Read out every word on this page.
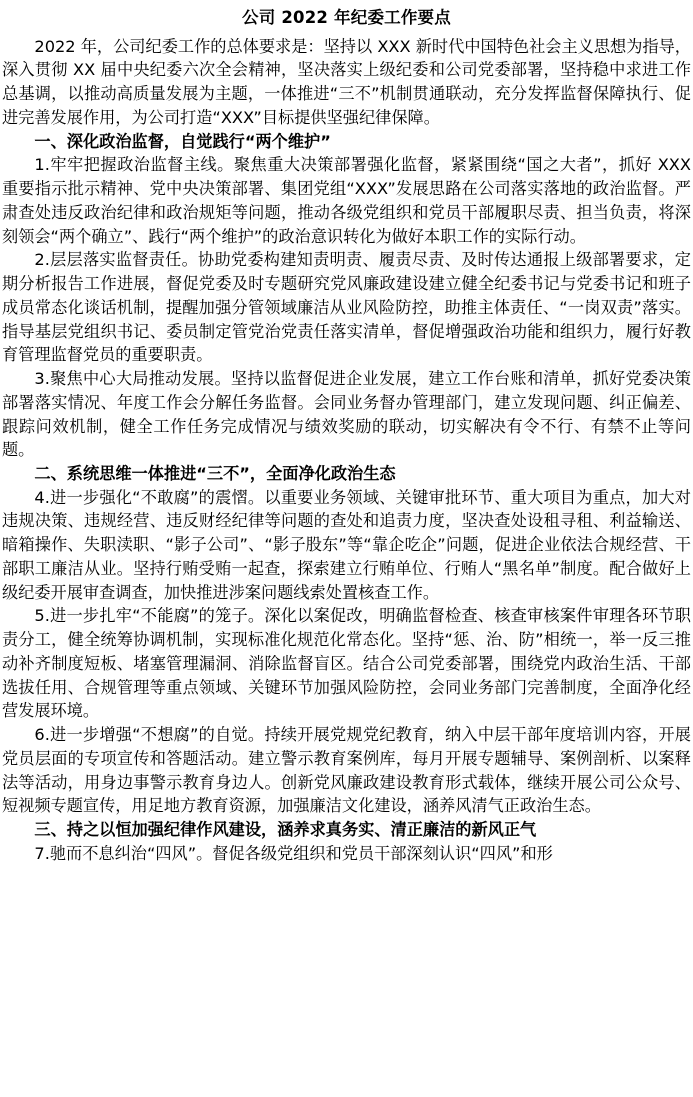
公司 2022 年纪委工作要点

2022 年，公司纪委工作的总体要求是：坚持以 XXX 新时代中国特色社会主义思想为指导，深入贯彻 XX 届中央纪委六次全会精神，坚决落实上级纪委和公司党委部署，坚持稳中求进工作总基调，以推动高质量发展为主题，一体推进“三不”机制贯通联动，充分发挥监督保障执行、促进完善发展作用，为公司打造“XXX”目标提供坚强纪律保障。

一、深化政治监督，自觉践行“两个维护”

1.牢牢把握政治监督主线。聚焦重大决策部署强化监督，紧紧围绕“国之大者”，抓好 XXX 重要指示批示精神、党中央决策部署、集团党组“XXX”发展思路在公司落实落地的政治监督。严肃查处违反政治纪律和政治规矩等问题，推动各级党组织和党员干部履职尽责、担当负责，将深刻领会“两个确立”、践行“两个维护”的政治意识转化为做好本职工作的实际行动。

2.层层落实监督责任。协助党委构建知责明责、履责尽责、及时传达通报上级部署要求，定期分析报告工作进展，督促党委及时专题研究党风廉政建设建立健全纪委书记与党委书记和班子成员常态化谈话机制，提醒加强分管领域廉洁从业风险防控，助推主体责任、“一岗双责”落实。指导基层党组织书记、委员制定管党治党责任落实清单，督促增强政治功能和组织力，履行好教育管理监督党员的重要职责。

3.聚焦中心大局推动发展。坚持以监督促进企业发展，建立工作台账和清单，抓好党委决策部署落实情况、年度工作会分解任务监督。会同业务督办管理部门，建立发现问题、纠正偏差、跟踪问效机制，健全工作任务完成情况与绩效奖励的联动，切实解决有令不行、有禁不止等问题。

二、系统思维一体推进“三不”，全面净化政治生态

4.进一步强化“不敢腐”的震慴。以重要业务领域、关键审批环节、重大项目为重点，加大对违规决策、违规经营、违反财经纪律等问题的查处和追责力度，坚决查处设租寻租、利益输送、暗箱操作、失职渎职、“影子公司”、“影子股东”等“靠企吃企”问题，促进企业依法合规经营、干部职工廉洁从业。坚持行贿受贿一起查，探索建立行贿单位、行贿人“黑名单”制度。配合做好上级纪委开展审查调查，加快推进涉案问题线索处置核查工作。

5.进一步扎牢“不能腐”的笼子。深化以案促改，明确监督检查、核查审核案件审理各环节职责分工，健全统筹协调机制，实现标准化规范化常态化。坚持“惩、治、防”相统一，举一反三推动补齐制度短板、堵塞管理漏洞、消除监督盲区。结合公司党委部署，围绕党内政治生活、干部选拔任用、合规管理等重点领域、关键环节加强风险防控，会同业务部门完善制度，全面净化经营发展环境。

6.进一步增强“不想腐”的自觉。持续开展党规党纪教育，纳入中层干部年度培训内容，开展党员层面的专项宣传和答题活动。建立警示教育案例库，每月开展专题辅导、案例剖析、以案释法等活动，用身边事警示教育身边人。创新党风廉政建设教育形式载体，继续开展公司公众号、短视频专题宣传，用足地方教育资源，加强廉洁文化建设，涵养风清气正政治生态。

三、持之以恒加强纪律作风建设，涵养求真务实、清正廉洁的新风正气

7.驰而不息纠治“四风”。督促各级党组织和党员干部深刻认识“四风”和形
